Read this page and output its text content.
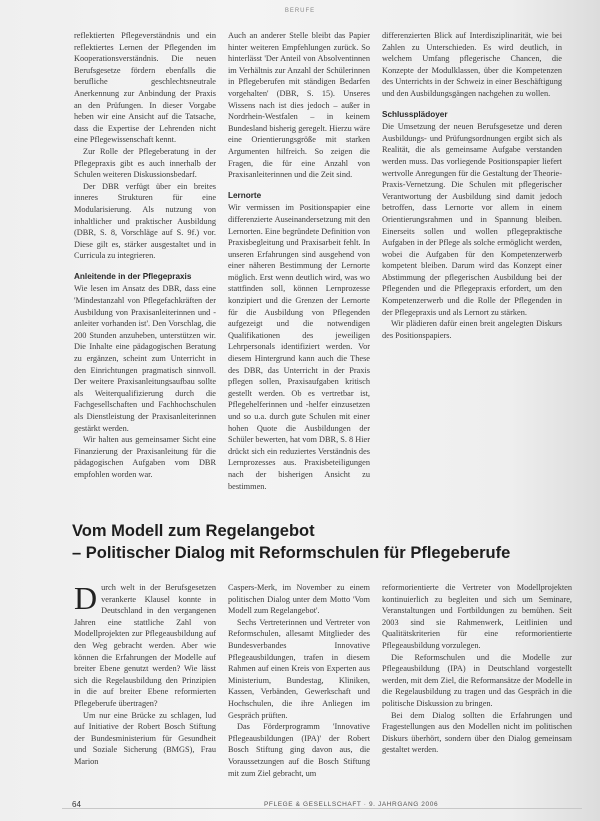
BERUFE

reflektierten Pflegeverständnis und ein reflektiertes Lernen der Pflegenden im Kooperationsverständnis. Die neuen Berufsgesetze fördern ebenfalls die berufliche geschlechtsneutrale Anerkennung zur Anbindung der Praxis an den Prüfungen. In dieser Vorgabe heben wir eine Ansicht auf die Tatsache, dass die Expertise der Lehrenden nicht eine Pflegewissenschaft kennt.

Zur Rolle der Pflegeberatung in der Pflegepraxis gibt es auch innerhalb der Schulen weiteren Diskussionsbedarf.

Der DBR verfügt über ein breites inneres Strukturen für eine Modularisierung. Als nutzung von inhaltlicher und praktischer Ausbildung (DBR, S. 8, Vorschläge auf S. 9f.) vor. Diese gilt es, stärker ausgestaltet und in Curricula zu integrieren.

Anleitende in der Pflegepraxis

Wie lesen im Ansatz des DBR, dass eine 'Mindestanzahl von Pflegefachkräften der Ausbildung von Praxisanleiterinnen und -anleiter vorhanden ist'. Den Vorschlag, die 200 Stunden anzuheben, unterstützen wir. Die Inhalte eine pädagogischen Beratung zu ergänzen, scheint zum Unterricht in den Einrichtungen pragmatisch sinnvoll. Der weitere Praxisanleitungsaufbau sollte als Weiterqualifizierung durch die Fachgesellschaften und Fachhochschulen als Dienstleistung der Praxisanleiterinnen gestärkt werden.

Wir halten aus gemeinsamer Sicht eine Finanzierung der Praxisanleitung für die pädagogischen Aufgaben vom DBR empfohlen worden war.

Auch an anderer Stelle bleibt das Papier hinter weiteren Empfehlungen zurück. So hinterlässt 'Der Anteil von Absolventinnen im Verhältnis zur Anzahl der Schülerinnen in Pflegeberufen mit ständigen Bedarfen vorgehalten' (DBR, S. 15). Unseres Wissens nach ist dies jedoch – außer in Nordrhein-Westfalen – in keinem Bundesland bisherig geregelt. Hierzu wäre eine Orientierungsgröße mit starken Argumenten hilfreich. So zeigen die Fragen, die für eine Anzahl von Praxisanleiterinnen und die Zeit sind.

Lernorte

Wir vermissen im Positionspapier eine differenzierte Auseinandersetzung mit den Lernorten. Eine begründete Definition von Praxisbegleitung und Praxisarbeit fehlt. In unseren Erfahrungen sind ausgehend von einer näheren Bestimmung der Lernorte möglich. Erst wenn deutlich wird, was wo stattfinden soll, können Lernprozesse konzipiert und die Grenzen der Lernorte für die Ausbildung von Pflegenden aufgezeigt und die notwendigen Qualifikationen des jeweiligen Lehrpersonals identifiziert werden. Vor diesem Hintergrund kann auch die These des DBR, das Unterricht in der Praxis pflegen sollen, Praxisaufgaben kritisch gestellt werden. Ob es vertretbar ist, Pflegehelferinnen und -helfer einzusetzen und so u.a. durch gute Schulen mit einer hohen Quote die Ausbildungen der Schüler bewerten, hat vom DBR, S. 8 Hier drückt sich ein reduziertes Verständnis des Lernprozesses aus. Praxisbeteiligungen nach der bisherigen Ansicht zu bestimmen.

differenzierten Blick auf Interdisziplinarität, wie bei Zahlen zu Unterschieden. Es wird deutlich, in welchem Umfang pflegerische Chancen, die Konzepte der Modulklassen, über die Kompetenzen des Unterrichts in der Schweiz in einer Beschäftigung und den Ausbildungsgängen nachgehen zu wollen.

Schlussplädoyer

Die Umsetzung der neuen Berufsgesetze und deren Ausbildungs- und Prüfungsordnungen ergibt sich als Realität, die als gemeinsame Aufgabe verstanden werden muss. Das vorliegende Positionspapier liefert wertvolle Anregungen für die Gestaltung der Theorie-Praxis-Vernetzung. Die Schulen mit pflegerischer Verantwortung der Ausbildung sind damit jedoch betroffen, dass Lernorte vor allem in einem Orientierungsrahmen und in Spannung bleiben. Einerseits sollen und wollen pflegepraktische Aufgaben in der Pflege als solche ermöglicht werden, wobei die Aufgaben für den Kompetenzerwerb kompetent bleiben. Darum wird das Konzept einer Abstimmung der pflegerischen Ausbildung bei der Pflegenden und die Pflegepraxis erfordert, um den Kompetenzerwerb und die Rolle der Pflegenden in der Pflegepraxis und als Lernort zu stärken.

Wir plädieren dafür einen breit angelegten Diskurs des Positionspapiers.

Vom Modell zum Regelangebot
– Politischer Dialog mit Reformschulen für Pflegeberufe

Durch welt in der Berufsgesetzen verankerte Klausel konnte in Deutschland in den vergangenen Jahren eine stattliche Zahl von Modellprojekten zur Pflegeausbildung auf den Weg gebracht werden. Aber wie können die Erfahrungen der Modelle auf breiter Ebene genutzt werden? Wie lässt sich die Regelausbildung den Prinzipien in die auf breiter Ebene reformierten Pflegeberufe übertragen?

Um nur eine Brücke zu schlagen, lud auf Initiative der Robert Bosch Stiftung der Bundesministerium für Gesundheit und Soziale Sicherung (BMGS), Frau Marion

Caspers-Merk, im November zu einem politischen Dialog unter dem Motto 'Vom Modell zum Regelangebot'.

Sechs Vertreterinnen und Vertreter von Reformschulen, allesamt Mitglieder des Bundesverbandes Innovative Pflegeausbildungen, trafen in diesem Rahmen auf einen Kreis von Experten aus Ministerium, Bundestag, Kliniken, Kassen, Verbänden, Gewerkschaft und Hochschulen, die ihre Anliegen im Gespräch prüften.

Das Förderprogramm 'Innovative Pflegeausbildungen (IPA)' der Robert Bosch Stiftung ging davon aus, die Voraussetzungen auf die Bosch Stiftung mit zum Ziel gebracht, um

reformorientierte die Vertreter von Modellprojekten kontinuierlich zu begleiten und sich um Seminare, Veranstaltungen und Fortbildungen zu bemühen. Seit 2003 sind sie Rahmenwerk, Leitlinien und Qualitätskriterien für eine reformorientierte Pflegeausbildung vorzulegen.

Die Reformschulen und die Modelle zur Pflegeausbildung (IPA) in Deutschland vorgestellt werden, mit dem Ziel, die Reformansätze der Modelle in die Regelausbildung zu tragen und das Gespräch in die politische Diskussion zu bringen.

Bei dem Dialog sollten die Erfahrungen und Fragestellungen aus den Modellen nicht im politischen Diskurs überhört, sondern über den Dialog gemeinsam gestaltet werden.

64	PFLEGE & GESELLSCHAFT · 9. JAHRGANG 2006
